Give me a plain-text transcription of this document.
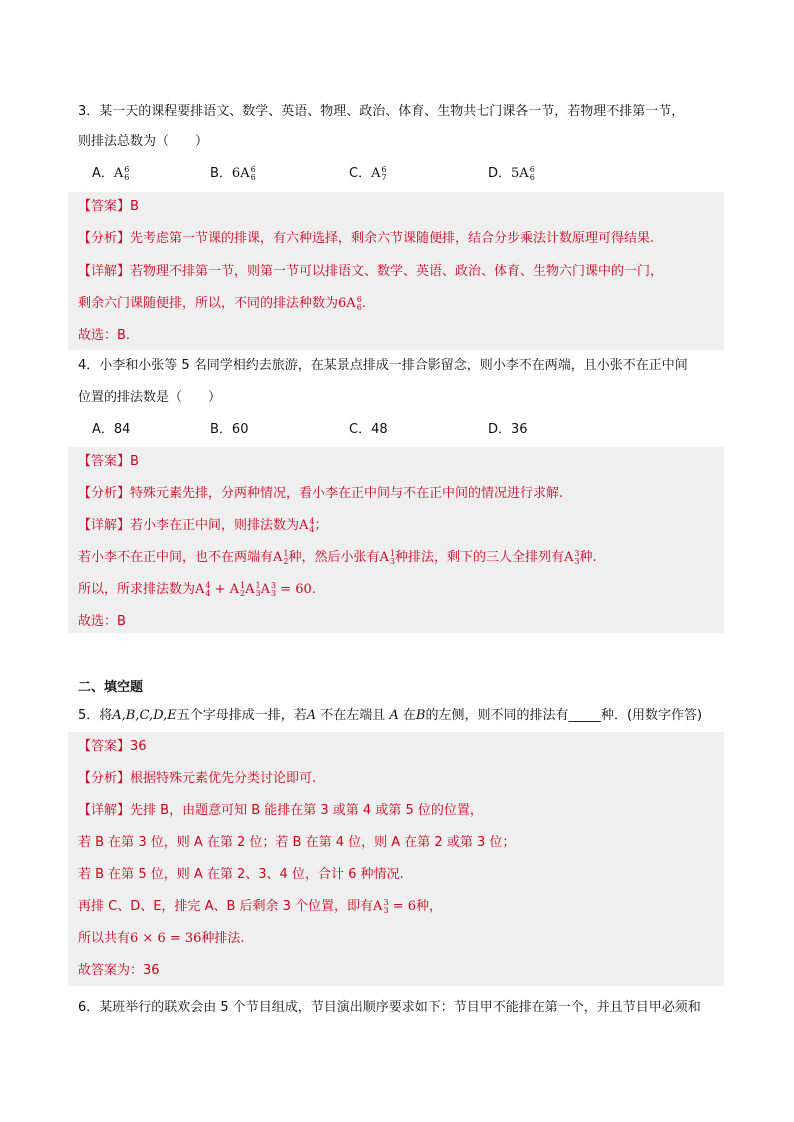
3．某一天的课程要排语文、数学、英语、物理、政治、体育、生物共七门课各一节，若物理不排第一节，
则排法总数为（　　）
A．A 6
6	B．6A 6
6	C．A 6
7	D．5A 6
6
【答案】B
【分析】先考虑第一节课的排课，有六种选择，剩余六节课随便排，结合分步乘法计数原理可得结果.
【详解】若物理不排第一节，则第一节可以排语文、数学、英语、政治、体育、生物六门课中的一门，
剩余六门课随便排，所以，不同的排法种数为6A 6
6 .
故选：B.
4．小李和小张等 5 名同学相约去旅游，在某景点排成一排合影留念，则小李不在两端，且小张不在正中间
位置的排法数是（　　）
A．84	B．60	C．48	D．36
【答案】B
【分析】特殊元素先排，分两种情况，看小李在正中间与不在正中间的情况进行求解.
【详解】若小李在正中间，则排法数为A 4
4 ；
若小李不在正中间，也不在两端有A 1
2 种，然后小张有A 1
3 种排法，剩下的三人全排列有A 3
3 种.
所以，所求排法数为A 4
4 + A 1
2 A 1
3 A 3
3 = 60.
故选：B
二、填空题
5．将A,B,C,D,E五个字母排成一排，若A 不在左端且 A 在B的左侧，则不同的排法有_____种．(用数字作答)
【答案】36
【分析】根据特殊元素优先分类讨论即可.
【详解】先排 B，由题意可知 B 能排在第 3 或第 4 或第 5 位的位置，
若 B 在第 3 位，则 A 在第 2 位；若 B 在第 4 位，则 A 在第 2 或第 3 位；
若 B 在第 5 位，则 A 在第 2、3、4 位，合计 6 种情况.
再排 C、D、E，排完 A、B 后剩余 3 个位置，即有A 3
3 = 6种，
所以共有6 × 6 = 36种排法.
故答案为：36
6．某班举行的联欢会由 5 个节目组成，节目演出顺序要求如下：节目甲不能排在第一个，并且节目甲必须和
